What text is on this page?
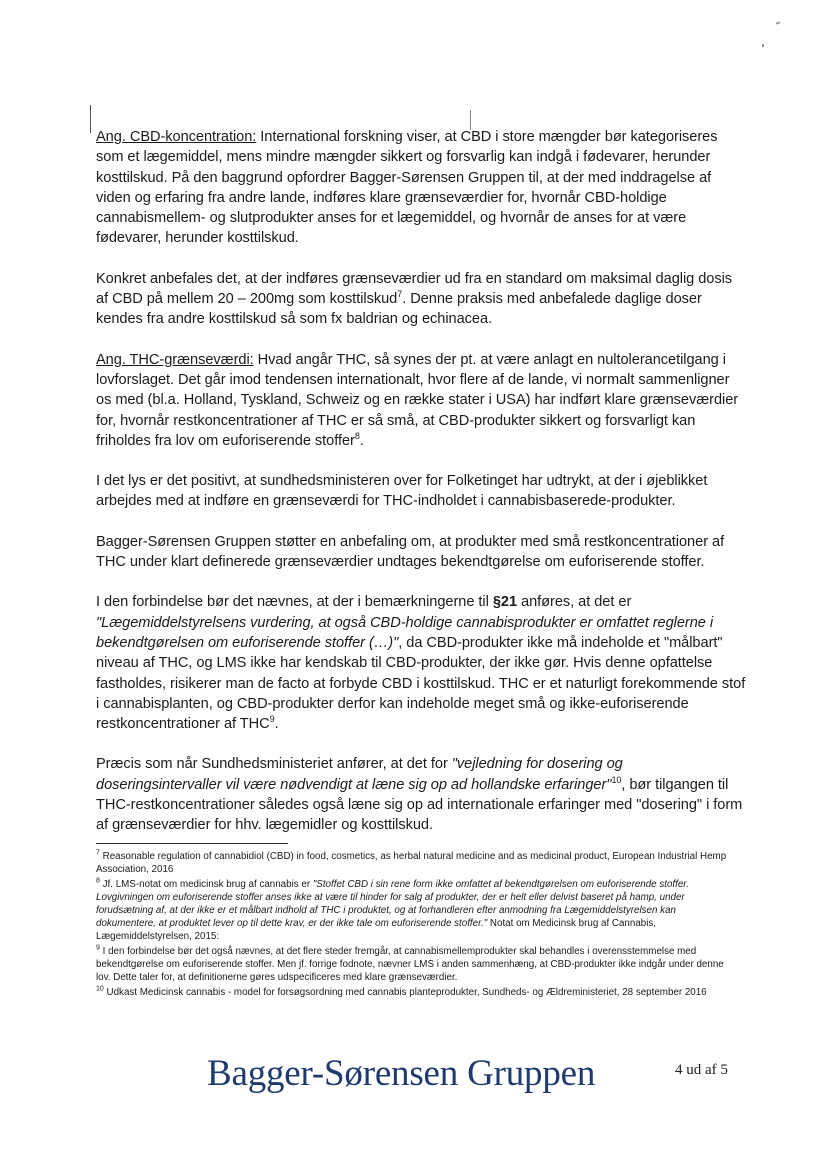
Ang. CBD-koncentration: International forskning viser, at CBD i store mængder bør kategoriseres som et lægemiddel, mens mindre mængder sikkert og forsvarlig kan indgå i fødevarer, herunder kosttilskud. På den baggrund opfordrer Bagger-Sørensen Gruppen til, at der med inddragelse af viden og erfaring fra andre lande, indføres klare grænseværdier for, hvornår CBD-holdige cannabismellem- og slutprodukter anses for et lægemiddel, og hvornår de anses for at være fødevarer, herunder kosttilskud.

Konkret anbefales det, at der indføres grænseværdier ud fra en standard om maksimal daglig dosis af CBD på mellem 20 – 200mg som kosttilskud$^7$. Denne praksis med anbefalede daglige doser kendes fra andre kosttilskud så som fx baldrian og echinacea.

Ang. THC-grænseværdi: Hvad angår THC, så synes der pt. at være anlagt en nultolerancetilgang i lovforslaget. Det går imod tendensen internationalt, hvor flere af de lande, vi normalt sammenligner os med (bl.a. Holland, Tyskland, Schweiz og en række stater i USA) har indført klare grænseværdier for, hvornår restkoncentrationer af THC er så små, at CBD-produkter sikkert og forsvarligt kan friholdes fra lov om euforiserende stoffer$^8$.

I det lys er det positivt, at sundhedsministeren over for Folketinget har udtrykt, at der i øjeblikket arbejdes med at indføre en grænseværdi for THC-indholdet i cannabisbaserede-produkter.

Bagger-Sørensen Gruppen støtter en anbefaling om, at produkter med små restkoncentrationer af THC under klart definerede grænseværdier undtages bekendtgørelse om euforiserende stoffer.

I den forbindelse bør det nævnes, at der i bemærkningerne til §21 anføres, at det er "Lægemiddelstyrelsens vurdering, at også CBD-holdige cannabisprodukter er omfattet reglerne i bekendtgørelsen om euforiserende stoffer (…)", da CBD-produkter ikke må indeholde et "målbart" niveau af THC, og LMS ikke har kendskab til CBD-produkter, der ikke gør. Hvis denne opfattelse fastholdes, risikerer man de facto at forbyde CBD i kosttilskud. THC er et naturligt forekommende stof i cannabisplanten, og CBD-produkter derfor kan indeholde meget små og ikke-euforiserende restkoncentrationer af THC$^9$.

Præcis som når Sundhedsministeriet anfører, at det for "vejledning for dosering og doseringsintervaller vil være nødvendigt at læne sig op ad hollandske erfaringer"$^{10}$, bør tilgangen til THC-restkoncentrationer således også læne sig op ad internationale erfaringer med "dosering" i form af grænseværdier for hhv. lægemidler og kosttilskud.

$^7$ Reasonable regulation of cannabidiol (CBD) in food, cosmetics, as herbal natural medicine and as medicinal product, European Industrial Hemp Association, 2016

$^8$ Jf. LMS-notat om medicinsk brug af cannabis er "Stoffet CBD i sin rene form ikke omfattet af bekendtgørelsen om euforiserende stoffer. Lovgivningen om euforiserende stoffer anses ikke at være til hinder for salg af produkter, der er helt eller delvist baseret på hamp, under forudsætning af, at der ikke er et målbart indhold af THC i produktet, og at forhandleren efter anmodning fra Lægemiddelstyrelsen kan dokumentere, at produktet lever op til dette krav, er der ikke tale om euforiserende stoffer." Notat om Medicinsk brug af Cannabis, Lægemiddelstyrelsen, 2015:

$^9$ I den forbindelse bør det også nævnes, at det flere steder fremgår, at cannabismellemprodukter skal behandles i overensstemmelse med bekendtgørelse om euforiserende stoffer. Men jf. forrige fodnote, nævner LMS i anden sammenhæng, at CBD-produkter ikke indgår under denne lov. Dette taler for, at definitionerne gøres udspecificeres med klare grænseværdier.

$^{10}$ Udkast Medicinsk cannabis - model for forsøgsordning med cannabis planteprodukter, Sundheds- og Ældreministeriet, 28 september 2016

Bagger-Sørensen Gruppen	4 ud af 5
